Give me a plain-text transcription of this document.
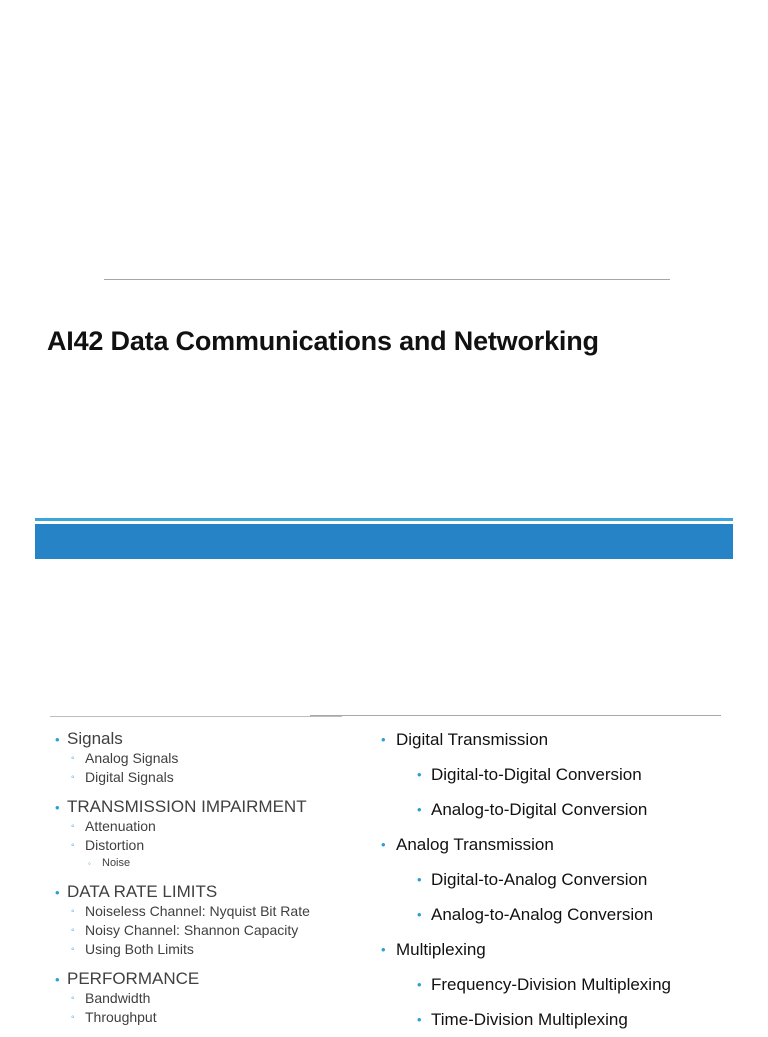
AI42 Data Communications and Networking
• Signals
◦ Analog Signals
◦ Digital Signals
• TRANSMISSION IMPAIRMENT
◦ Attenuation
◦ Distortion
◦ Noise
• DATA RATE LIMITS
◦ Noiseless Channel: Nyquist Bit Rate
◦ Noisy Channel: Shannon Capacity
◦ Using Both Limits
• PERFORMANCE
◦ Bandwidth
◦ Throughput
• Digital Transmission
• Digital-to-Digital Conversion
• Analog-to-Digital Conversion
• Analog Transmission
• Digital-to-Analog Conversion
• Analog-to-Analog Conversion
• Multiplexing
• Frequency-Division Multiplexing
• Time-Division Multiplexing
